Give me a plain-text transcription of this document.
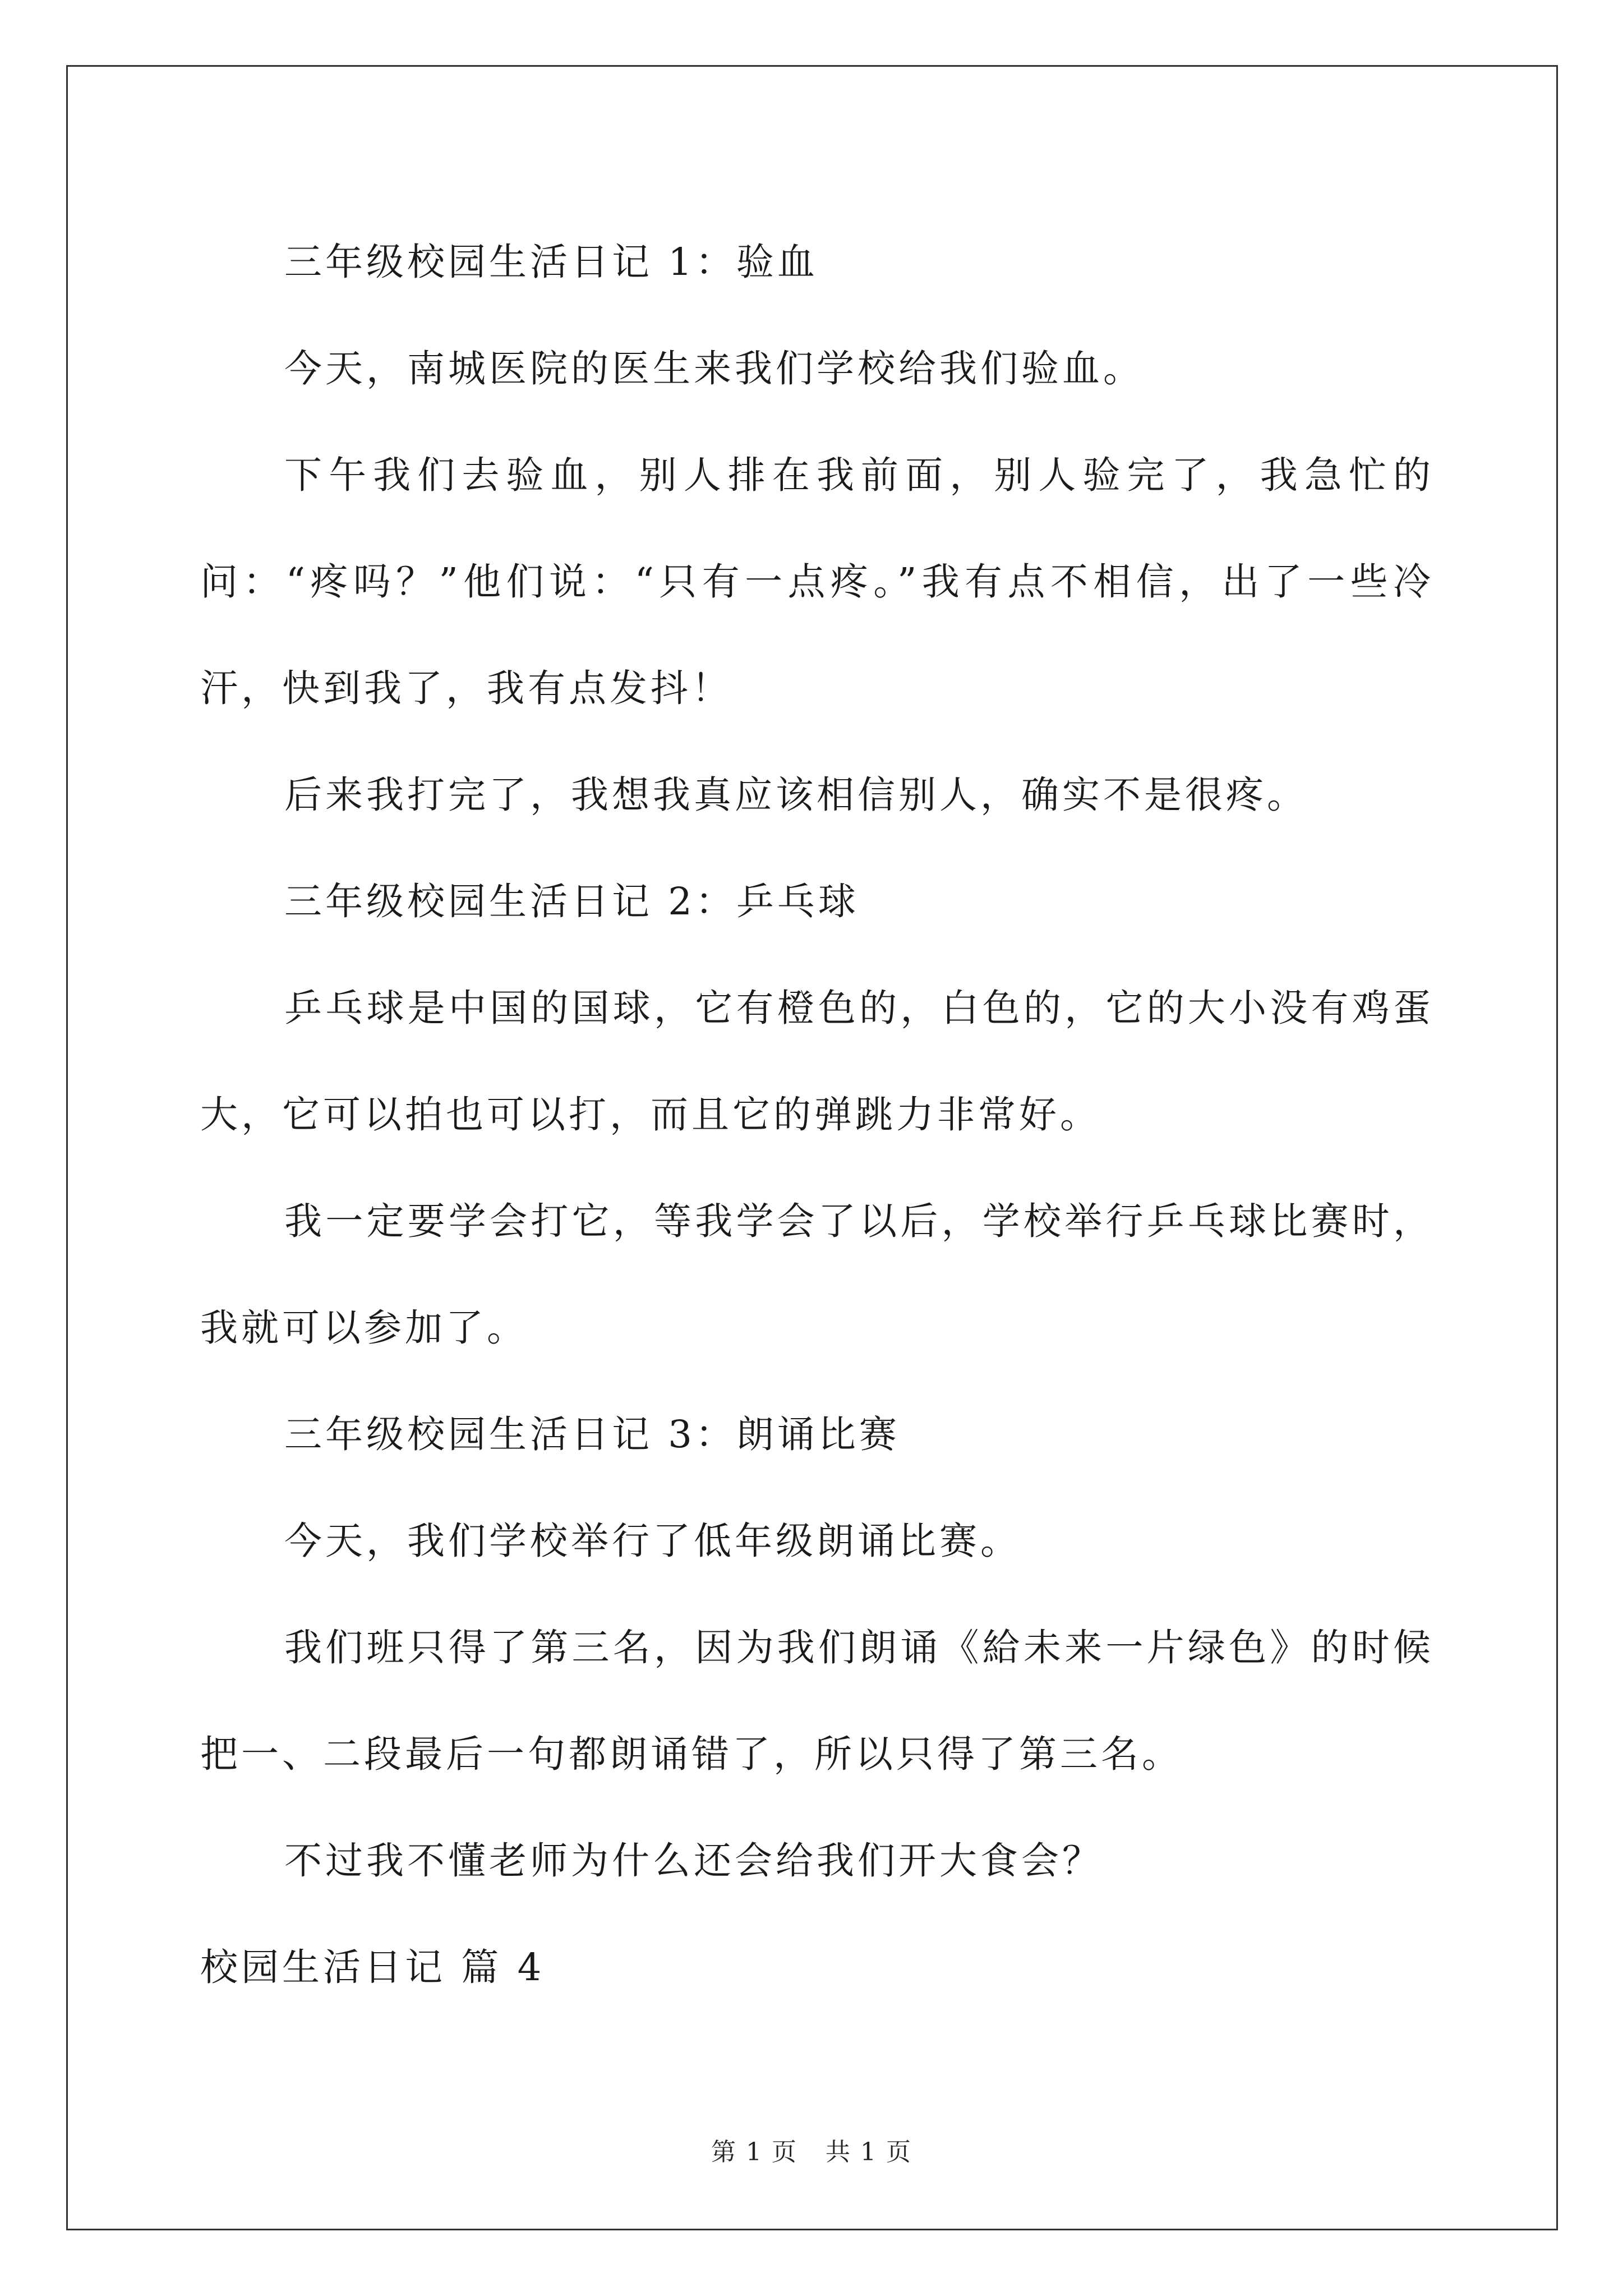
三年级校园生活日记 1：验血

今天，南城医院的医生来我们学校给我们验血。

下午我们去验血，别人排在我前面，别人验完了，我急忙的问：“疼吗？”他们说：“只有一点疼。”我有点不相信，出了一些冷汗，快到我了，我有点发抖！

后来我打完了，我想我真应该相信别人，确实不是很疼。

三年级校园生活日记 2：乒乓球

乒乓球是中国的国球，它有橙色的，白色的，它的大小没有鸡蛋大，它可以拍也可以打，而且它的弹跳力非常好。

我一定要学会打它，等我学会了以后，学校举行乒乓球比赛时，我就可以参加了。

三年级校园生活日记 3：朗诵比赛

今天，我们学校举行了低年级朗诵比赛。

我们班只得了第三名，因为我们朗诵《給未来一片绿色》的时候把一、二段最后一句都朗诵错了，所以只得了第三名。

不过我不懂老师为什么还会给我们开大食会？

校园生活日记 篇 4

第 1 页 共 1 页
